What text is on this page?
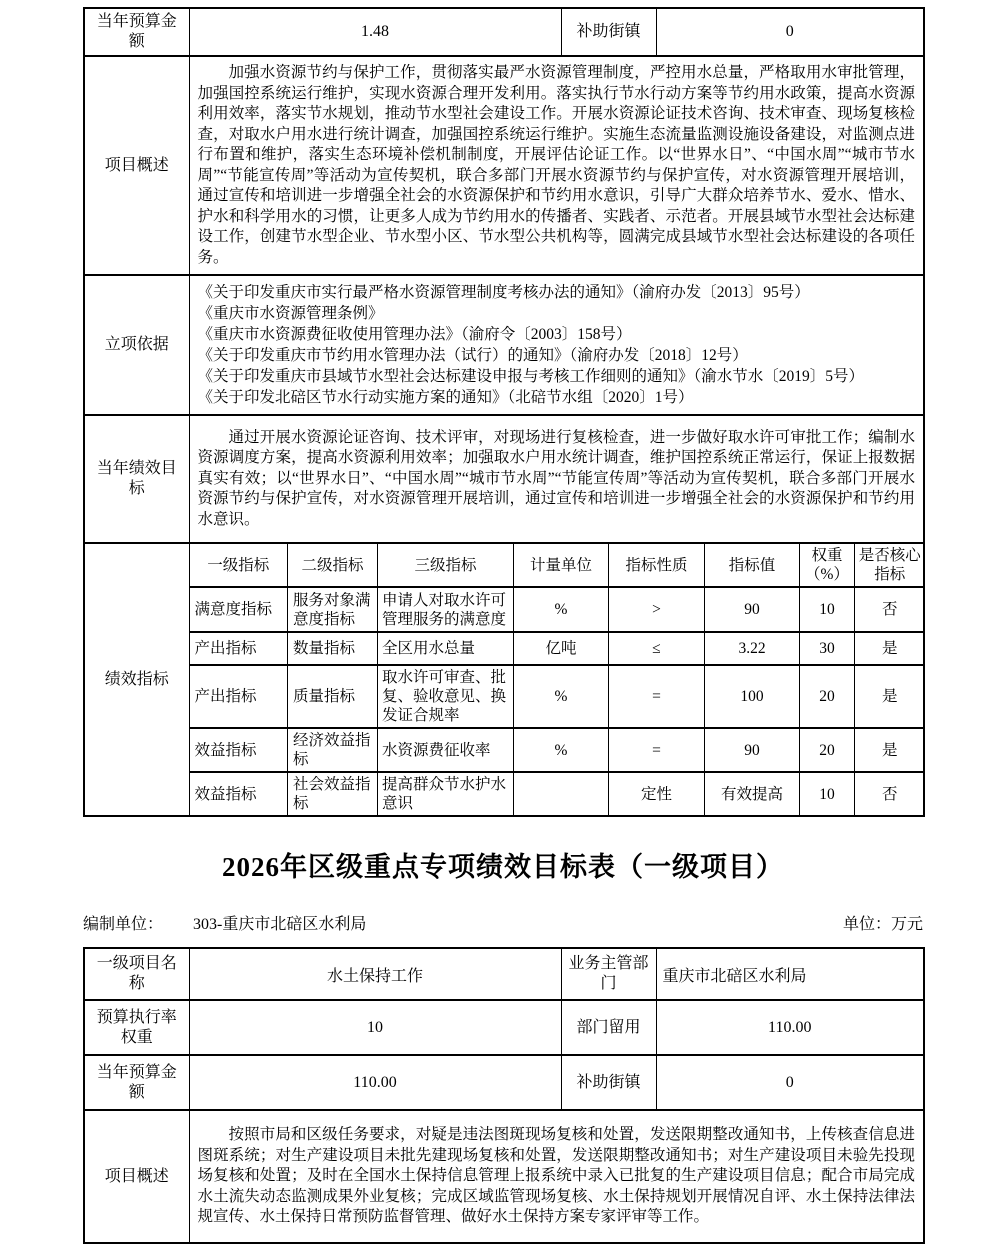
当年预算金额	1.48	补助街镇	0
项目概述	
加强水资源节约与保护工作，贯彻落实最严水资源管理制度，严控用水总量，严格取用水审批管理，加强国控系统运行维护，实现水资源合理开发利用。落实执行节水行动方案等节约用水政策，提高水资源利用效率，落实节水规划，推动节水型社会建设工作。开展水资源论证技术咨询、技术审查、现场复核检查，对取水户用水进行统计调查，加强国控系统运行维护。实施生态流量监测设施设备建设，对监测点进行布置和维护，落实生态环境补偿机制制度，开展评估论证工作。以“世界水日”、“中国水周”“城市节水周”“节能宣传周”等活动为宣传契机，联合多部门开展水资源节约与保护宣传，对水资源管理开展培训，通过宣传和培训进一步增强全社会的水资源保护和节约用水意识，引导广大群众培养节水、爱水、惜水、护水和科学用水的习惯，让更多人成为节约用水的传播者、实践者、示范者。开展县域节水型社会达标建设工作，创建节水型企业、节水型小区、节水型公共机构等，圆满完成县域节水型社会达标建设的各项任务。

立项依据	
《关于印发重庆市实行最严格水资源管理制度考核办法的通知》（渝府办发〔2013〕95号）
《重庆市水资源管理条例》
《重庆市水资源费征收使用管理办法》（渝府令〔2003〕158号）
《关于印发重庆市节约用水管理办法（试行）的通知》（渝府办发〔2018〕12号）
《关于印发重庆市县域节水型社会达标建设申报与考核工作细则的通知》（渝水节水〔2019〕5号）
《关于印发北碚区节水行动实施方案的通知》（北碚节水组〔2020〕1号）

当年绩效目标	
通过开展水资源论证咨询、技术评审，对现场进行复核检查，进一步做好取水许可审批工作；编制水资源调度方案，提高水资源利用效率；加强取水户用水统计调查，维护国控系统正常运行，保证上报数据真实有效；以“世界水日”、“中国水周”“城市节水周”“节能宣传周”等活动为宣传契机，联合多部门开展水资源节约与保护宣传，对水资源管理开展培训，通过宣传和培训进一步增强全社会的水资源保护和节约用水意识。

绩效指标	
一级指标	二级指标	三级指标	计量单位	指标性质	指标值	权重（%）	是否核心指标
满意度指标	服务对象满意度指标	申请人对取水许可管理服务的满意度	%	>	90	10	否
产出指标	数量指标	全区用水总量	亿吨	≤	3.22	30	是
产出指标	质量指标	取水许可审查、批复、验收意见、换发证合规率	%	=	100	20	是
效益指标	经济效益指标	水资源费征收率	%	=	90	20	是
效益指标	社会效益指标	提高群众节水护水意识		定性	有效提高	10	否
2026年区级重点专项绩效目标表（一级项目）
编制单位： 303-重庆市北碚区水利局	单位：万元
一级项目名称	水土保持工作	业务主管部门	重庆市北碚区水利局
预算执行率权重	10	部门留用	110.00
当年预算金额	110.00	补助街镇	0
项目概述	按照市局和区级任务要求，对疑是违法图斑现场复核和处置，发送限期整改通知书，上传核查信息进图斑系统；对生产建设项目未批先建现场复核和处置，发送限期整改通知书；对生产建设项目未验先投现场复核和处置；及时在全国水土保持信息管理上报系统中录入已批复的生产建设项目信息；配合市局完成水土流失动态监测成果外业复核；完成区域监管现场复核、水土保持规划开展情况自评、水土保持法律法规宣传、水土保持日常预防监督管理、做好水土保持方案专家评审等工作。		
